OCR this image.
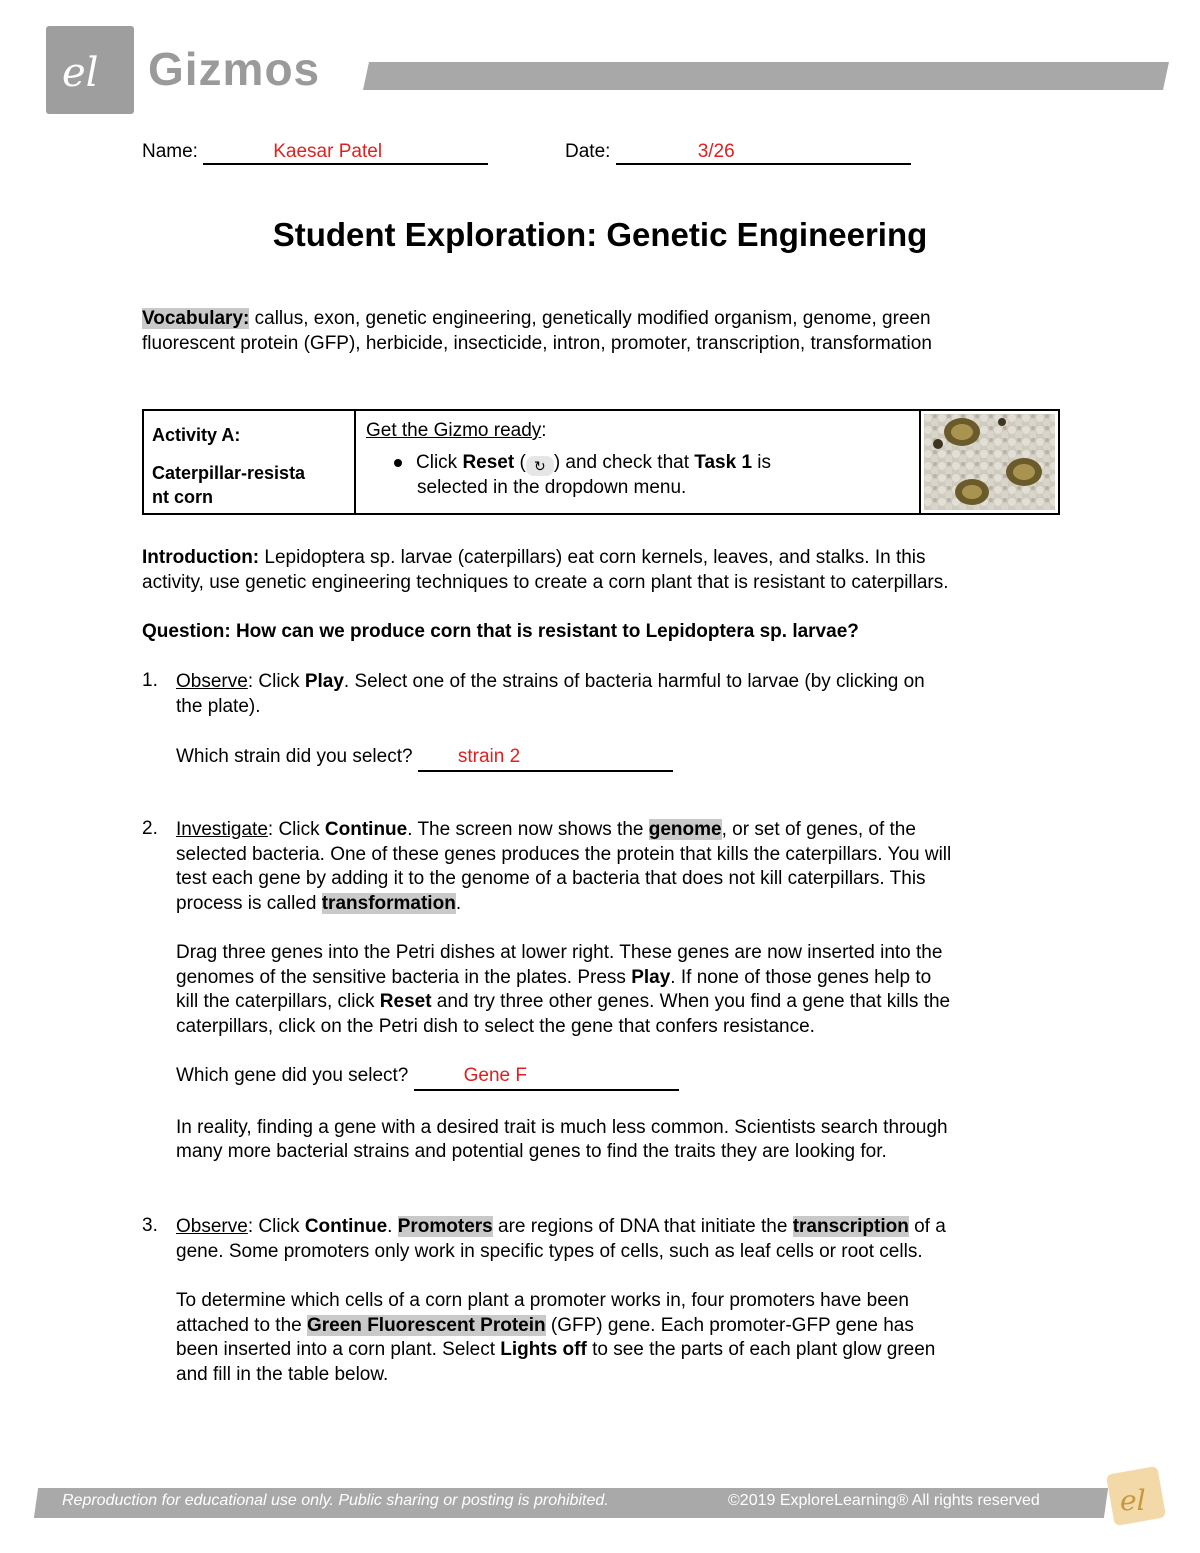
el Gizmos
Name:	Kaesar Patel	Date:	3/26
Student Exploration: Genetic Engineering
Vocabulary: callus, exon, genetic engineering, genetically modified organism, genome, green
fluorescent protein (GFP), herbicide, insecticide, intron, promoter, transcription, transformation
Activity A:
Caterpillar-resista
nt corn
Get the Gizmo ready:
Click Reset ( ↻ ) and check that Task 1 is
selected in the dropdown menu.
Introduction: Lepidoptera sp. larvae (caterpillars) eat corn kernels, leaves, and stalks. In this
activity, use genetic engineering techniques to create a corn plant that is resistant to caterpillars.
Question: How can we produce corn that is resistant to Lepidoptera sp. larvae?
1. Observe: Click Play. Select one of the strains of bacteria harmful to larvae (by clicking on
the plate).
Which strain did you select? strain 2
2. Investigate: Click Continue. The screen now shows the genome, or set of genes, of the
selected bacteria. One of these genes produces the protein that kills the caterpillars. You will
test each gene by adding it to the genome of a bacteria that does not kill caterpillars. This
process is called transformation.
Drag three genes into the Petri dishes at lower right. These genes are now inserted into the
genomes of the sensitive bacteria in the plates. Press Play. If none of those genes help to
kill the caterpillars, click Reset and try three other genes. When you find a gene that kills the
caterpillars, click on the Petri dish to select the gene that confers resistance.
Which gene did you select?	Gene F
In reality, finding a gene with a desired trait is much less common. Scientists search through
many more bacterial strains and potential genes to find the traits they are looking for.
3. Observe: Click Continue. Promoters are regions of DNA that initiate the transcription of a
gene. Some promoters only work in specific types of cells, such as leaf cells or root cells.
To determine which cells of a corn plant a promoter works in, four promoters have been
attached to the Green Fluorescent Protein (GFP) gene. Each promoter-GFP gene has
been inserted into a corn plant. Select Lights off to see the parts of each plant glow green
and fill in the table below.
Reproduction for educational use only. Public sharing or posting is prohibited.	©2019 ExploreLearning® All rights reserved	el
